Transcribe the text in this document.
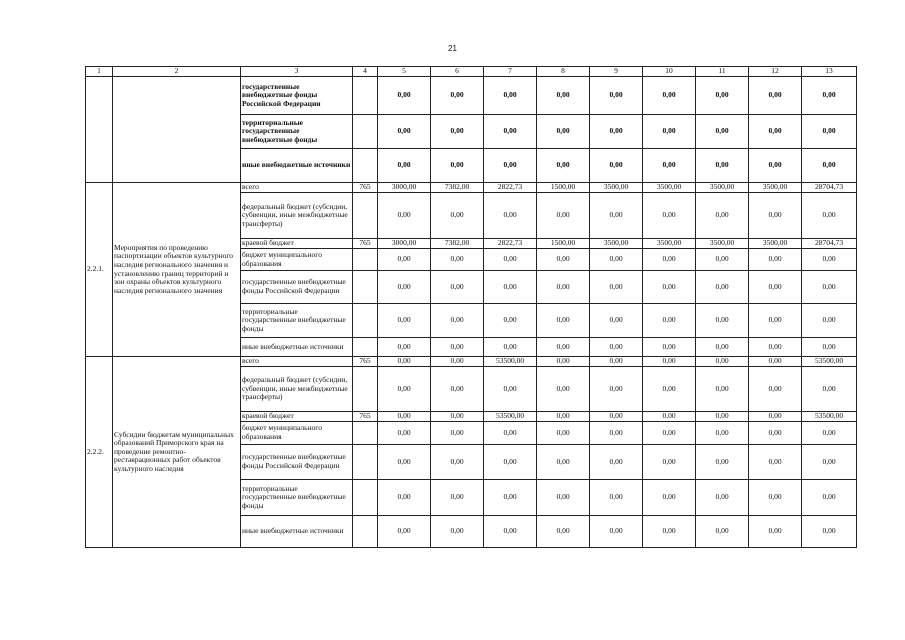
21
1	2	3	4	5	6	7	8	9	10	11	12	13
		государственные внебюджетные фонды Российской Федерации		0,00	0,00	0,00	0,00	0,00	0,00	0,00	0,00	0,00
		территориальные государственные внебюджетные фонды		0,00	0,00	0,00	0,00	0,00	0,00	0,00	0,00	0,00
		иные внебюджетные источники		0,00	0,00	0,00	0,00	0,00	0,00	0,00	0,00	0,00
2.2.1.	Мероприятия по проведению паспортизации объектов культурного наследия регионального значения и установлению границ территорий и зон охраны объектов культурного наследия регионального значения	всего	765	3000,00	7382,00	2822,73	1500,00	3500,00	3500,00	3500,00	3500,00	28704,73
		федеральный бюджет (субсидии, субвенции, иные межбюджетные трансферты)		0,00	0,00	0,00	0,00	0,00	0,00	0,00	0,00	0,00
		краевой бюджет	765	3000,00	7382,00	2822,73	1500,00	3500,00	3500,00	3500,00	3500,00	28704,73
		бюджет муниципального образования		0,00	0,00	0,00	0,00	0,00	0,00	0,00	0,00	0,00
		государственные внебюджетные фонды Российской Федерации		0,00	0,00	0,00	0,00	0,00	0,00	0,00	0,00	0,00
		территориальные государственные внебюджетные фонды		0,00	0,00	0,00	0,00	0,00	0,00	0,00	0,00	0,00
		иные внебюджетные источники		0,00	0,00	0,00	0,00	0,00	0,00	0,00	0,00	0,00
2.2.2.	Субсидии бюджетам муниципальных образований Приморского края на проведение ремонтно-реставрационных работ объектов культурного наследия	всего	765	0,00	0,00	53500,00	0,00	0,00	0,00	0,00	0,00	53500,00
		федеральный бюджет (субсидии, субвенции, иные межбюджетные трансферты)		0,00	0,00	0,00	0,00	0,00	0,00	0,00	0,00	0,00
		краевой бюджет	765	0,00	0,00	53500,00	0,00	0,00	0,00	0,00	0,00	53500,00
		бюджет муниципального образования		0,00	0,00	0,00	0,00	0,00	0,00	0,00	0,00	0,00
		государственные внебюджетные фонды Российской Федерации		0,00	0,00	0,00	0,00	0,00	0,00	0,00	0,00	0,00
		территориальные государственные внебюджетные фонды		0,00	0,00	0,00	0,00	0,00	0,00	0,00	0,00	0,00
		иные внебюджетные источники		0,00	0,00	0,00	0,00	0,00	0,00	0,00	0,00	0,00
